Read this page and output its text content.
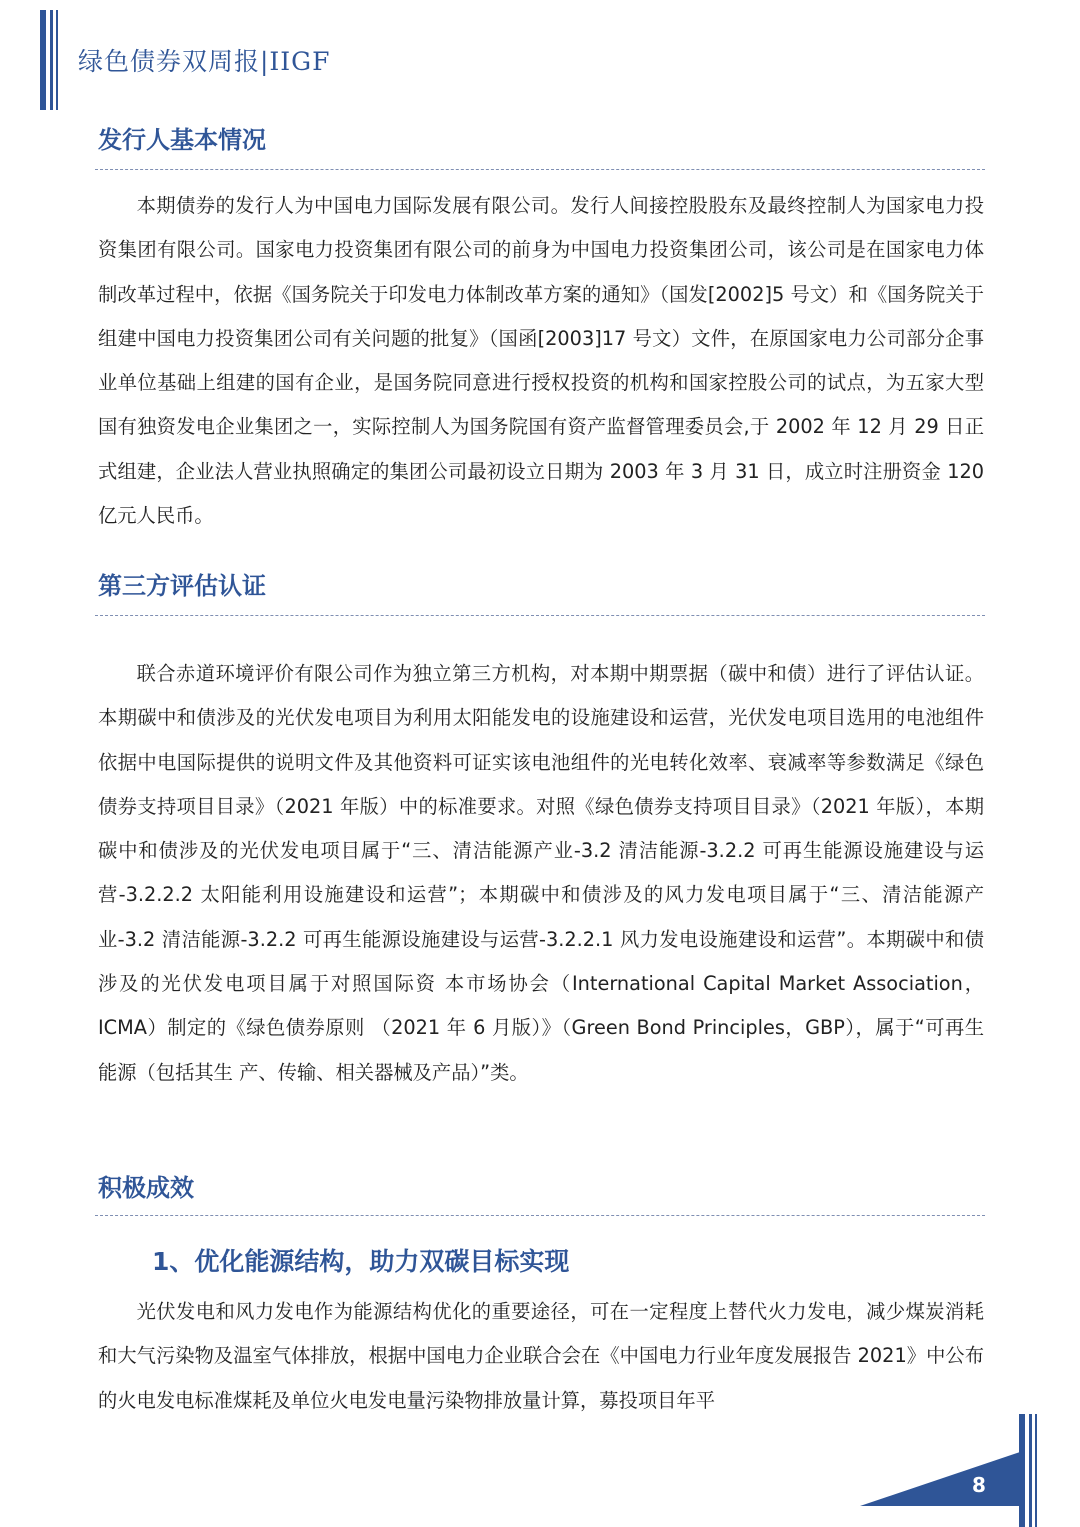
绿色债券双周报|IIGF
发行人基本情况

本期债券的发行人为中国电力国际发展有限公司。发行人间接控股股东及最终控制人为国家电力投资集团有限公司。国家电力投资集团有限公司的前身为中国电力投资集团公司，该公司是在国家电力体制改革过程中，依据《国务院关于印发电力体制改革方案的通知》（国发[2002]5 号文）和《国务院关于组建中国电力投资集团公司有关问题的批复》（国函[2003]17 号文）文件，在原国家电力公司部分企事业单位基础上组建的国有企业，是国务院同意进行授权投资的机构和国家控股公司的试点，为五家大型国有独资发电企业集团之一，实际控制人为国务院国有资产监督管理委员会,于 2002 年 12 月 29 日正式组建，企业法人营业执照确定的集团公司最初设立日期为 2003 年 3 月 31 日，成立时注册资金 120 亿元人民币。

第三方评估认证

联合赤道环境评价有限公司作为独立第三方机构，对本期中期票据（碳中和债）进行了评估认证。本期碳中和债涉及的光伏发电项目为利用太阳能发电的设施建设和运营，光伏发电项目选用的电池组件依据中电国际提供的说明文件及其他资料可证实该电池组件的光电转化效率、衰减率等参数满足《绿色债券支持项目目录》（2021 年版）中的标准要求。对照《绿色债券支持项目目录》（2021 年版），本期碳中和债涉及的光伏发电项目属于“三、清洁能源产业-3.2 清洁能源-3.2.2 可再生能源设施建设与运营-3.2.2.2 太阳能利用设施建设和运营”；本期碳中和债涉及的风力发电项目属于“三、清洁能源产业-3.2 清洁能源-3.2.2 可再生能源设施建设与运营-3.2.2.1 风力发电设施建设和运营”。本期碳中和债涉及的光伏发电项目属于对照国际资 本市场协会（International Capital Market Association，ICMA）制定的《绿色债券原则 （2021 年 6 月版）》（Green Bond Principles，GBP），属于“可再生能源（包括其生 产、传输、相关器械及产品）”类。

积极成效
1、优化能源结构，助力双碳目标实现

光伏发电和风力发电作为能源结构优化的重要途径，可在一定程度上替代火力发电，减少煤炭消耗和大气污染物及温室气体排放，根据中国电力企业联合会在《中国电力行业年度发展报告 2021》中公布的火电发电标准煤耗及单位火电发电量污染物排放量计算，募投项目年平

8
